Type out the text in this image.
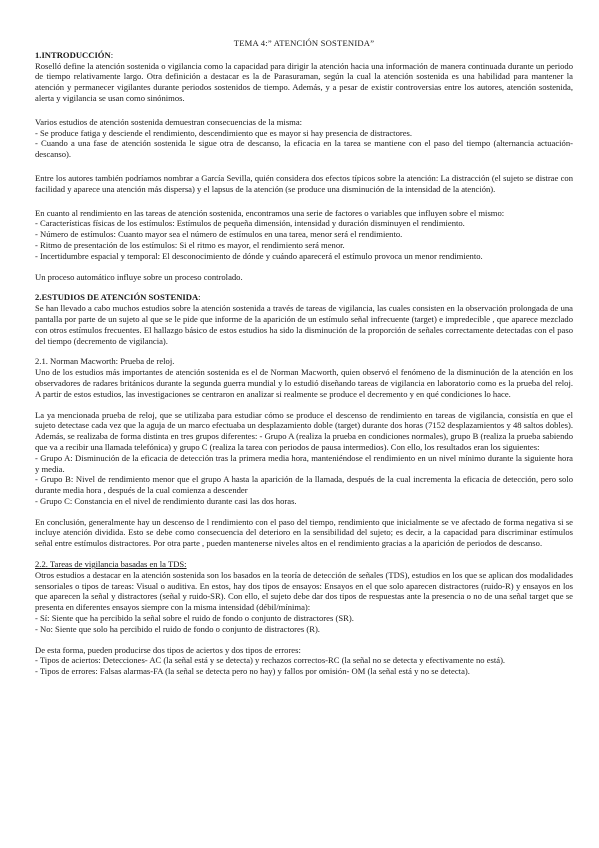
TEMA 4:” ATENCIÓN SOSTENIDA”
1.INTRODUCCIÓN:

Roselló define la atención sostenida o vigilancia como la capacidad para dirigir la atención hacia una información de manera continuada durante un periodo de tiempo relativamente largo. Otra definición a destacar es la de Parasuraman, según la cual la atención sostenida es una habilidad para mantener la atención y permanecer vigilantes durante periodos sostenidos de tiempo. Además, y a pesar de existir controversias entre los autores, atención sostenida, alerta y vigilancia se usan como sinónimos.

Varios estudios de atención sostenida demuestran consecuencias de la misma:

- Se produce fatiga y desciende el rendimiento, descendimiento que es mayor si hay presencia de distractores.

- Cuando a una fase de atención sostenida le sigue otra de descanso, la eficacia en la tarea se mantiene con el paso del tiempo (alternancia actuación-descanso).

Entre los autores también podríamos nombrar a García Sevilla, quién considera dos efectos típicos sobre la atención: La distracción (el sujeto se distrae con facilidad y aparece una atención más dispersa) y el lapsus de la atención (se produce una disminución de la intensidad de la atención).

En cuanto al rendimiento en las tareas de atención sostenida, encontramos una serie de factores o variables que influyen sobre el mismo:

- Características físicas de los estímulos: Estímulos de pequeña dimensión, intensidad y duración disminuyen el rendimiento.
- Número de estímulos: Cuanto mayor sea el número de estímulos en una tarea, menor será el rendimiento.
- Ritmo de presentación de los estímulos: Si el ritmo es mayor, el rendimiento será menor.
- Incertidumbre espacial y temporal: El desconocimiento de dónde y cuándo aparecerá el estímulo provoca un menor rendimiento.
Un proceso automático influye sobre un proceso controlado.
2.ESTUDIOS DE ATENCIÓN SOSTENIDA:

Se han llevado a cabo muchos estudios sobre la atención sostenida a través de tareas de vigilancia, las cuales consisten en la observación prolongada de una pantalla por parte de un sujeto al que se le pide que informe de la aparición de un estímulo señal infrecuente (target) e impredecible , que aparece mezclado con otros estímulos frecuentes. El hallazgo básico de estos estudios ha sido la disminución de la proporción de señales correctamente detectadas con el paso del tiempo (decremento de vigilancia).

2.1. Norman Macworth: Prueba de reloj.

Uno de los estudios más importantes de atención sostenida es el de Norman Macworth, quien observó el fenómeno de la disminución de la atención en los observadores de radares británicos durante la segunda guerra mundial y lo estudió diseñando tareas de vigilancia en laboratorio como es la prueba del reloj. A partir de estos estudios, las investigaciones se centraron en analizar si realmente se produce el decremento y en qué condiciones lo hace.

La ya mencionada prueba de reloj, que se utilizaba para estudiar cómo se produce el descenso de rendimiento en tareas de vigilancia, consistía en que el sujeto detectase cada vez que la aguja de un marco efectuaba un desplazamiento doble (target) durante dos horas (7152 desplazamientos y 48 saltos dobles). Además, se realizaba de forma distinta en tres grupos diferentes: - Grupo A (realiza la prueba en condiciones normales), grupo B (realiza la prueba sabiendo que va a recibir una llamada telefónica) y grupo C (realiza la tarea con periodos de pausa intermedios). Con ello, los resultados eran los siguientes:

- Grupo A: Disminución de la eficacia de detección tras la primera media hora, manteniéndose el rendimiento en un nivel mínimo durante la siguiente hora y media.

- Grupo B: Nivel de rendimiento menor que el grupo A hasta la aparición de la llamada, después de la cual incrementa la eficacia de detección, pero solo durante media hora , después de la cual comienza a descender

- Grupo C: Constancia en el nivel de rendimiento durante casi las dos horas.

En conclusión, generalmente hay un descenso de l rendimiento con el paso del tiempo, rendimiento que inicialmente se ve afectado de forma negativa si se incluye atención dividida. Esto se debe como consecuencia del deterioro en la sensibilidad del sujeto; es decir, a la capacidad para discriminar estímulos señal entre estímulos distractores. Por otra parte , pueden mantenerse niveles altos en el rendimiento gracias a la aparición de periodos de descanso.

2.2. Tareas de vigilancia basadas en la TDS:

Otros estudios a destacar en la atención sostenida son los basados en la teoría de detección de señales (TDS), estudios en los que se aplican dos modalidades sensoriales o tipos de tareas: Visual o auditiva. En estos, hay dos tipos de ensayos: Ensayos en el que solo aparecen distractores (ruido-R) y ensayos en los que aparecen la señal y distractores (señal y ruido-SR). Con ello, el sujeto debe dar dos tipos de respuestas ante la presencia o no de una señal target que se presenta en diferentes ensayos siempre con la misma intensidad (débil/mínima):

- Sí: Siente que ha percibido la señal sobre el ruido de fondo o conjunto de distractores (SR).

- No: Siente que solo ha percibido el ruido de fondo o conjunto de distractores (R).

De esta forma, pueden producirse dos tipos de aciertos y dos tipos de errores:

- Tipos de aciertos: Detecciones- AC (la señal está y se detecta) y rechazos correctos-RC (la señal no se detecta y efectivamente no está).

- Tipos de errores: Falsas alarmas-FA (la señal se detecta pero no hay) y fallos por omisión- OM (la señal está y no se detecta).
